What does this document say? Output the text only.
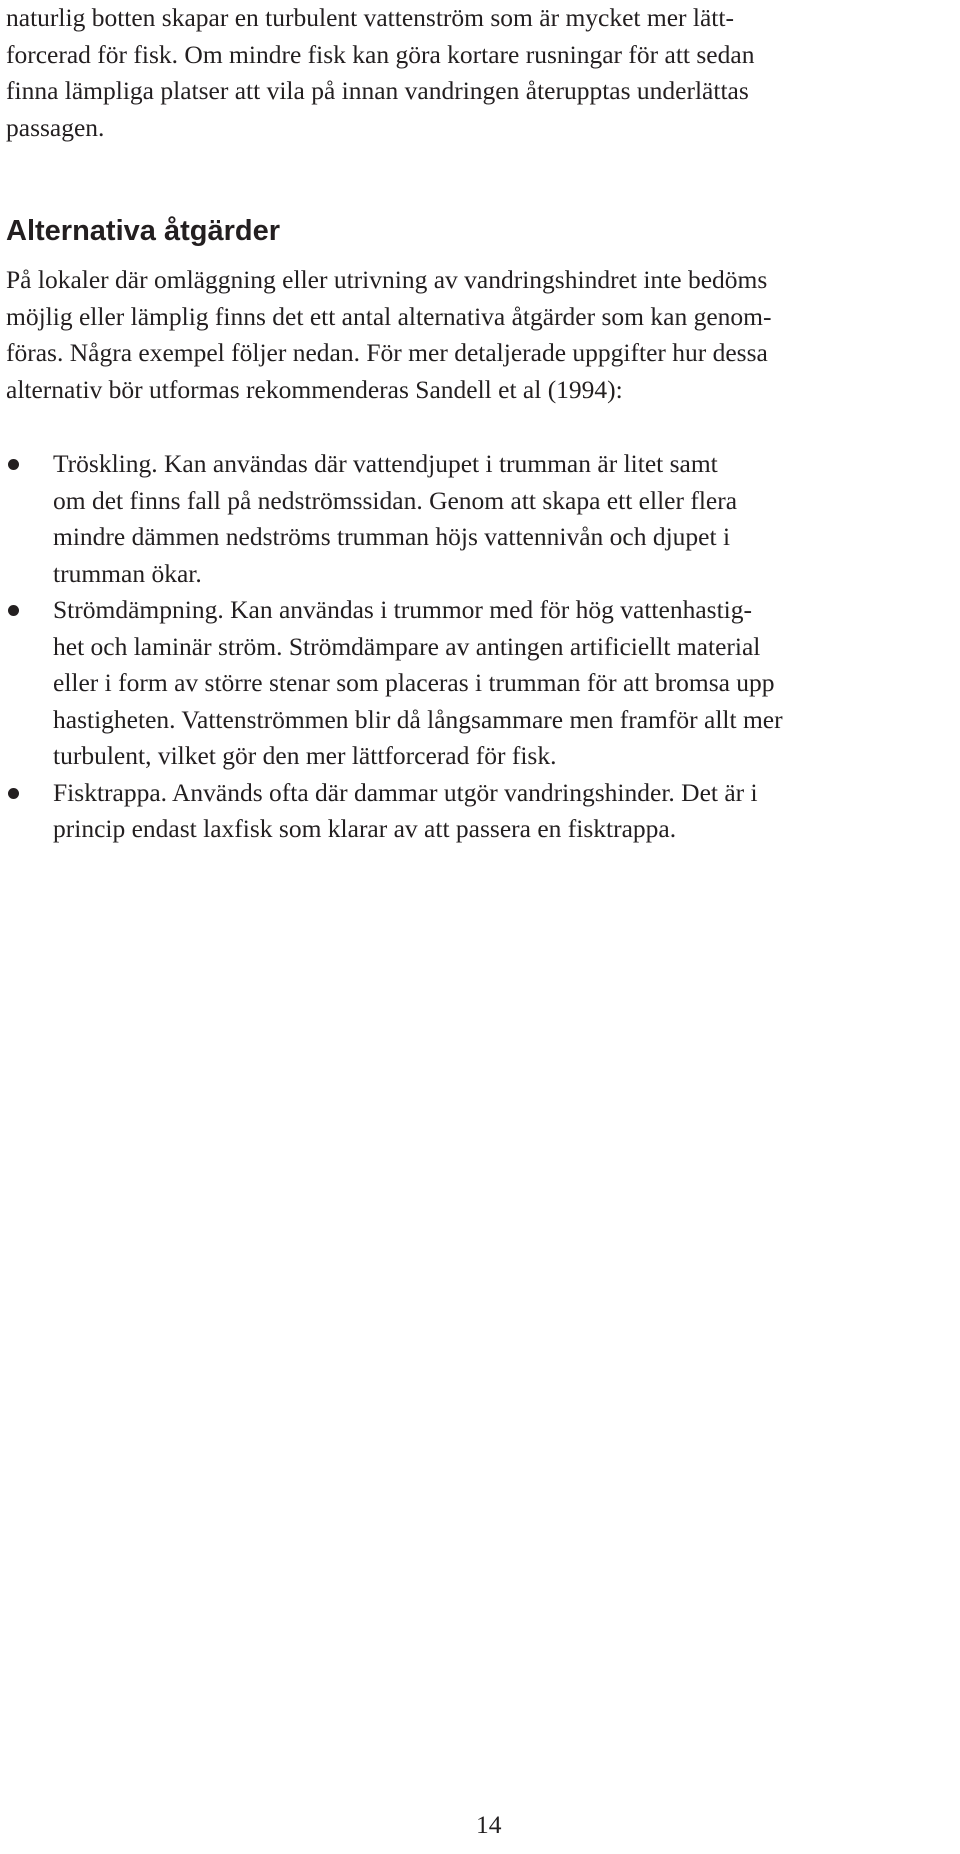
naturlig botten skapar en turbulent vattenström som är mycket mer lätt-
forcerad för fisk. Om mindre fisk kan göra kortare rusningar för att sedan
finna lämpliga platser att vila på innan vandringen återupptas underlättas
passagen.
Alternativa åtgärder
På lokaler där omläggning eller utrivning av vandringshindret inte bedöms
möjlig eller lämplig finns det ett antal alternativa åtgärder som kan genom-
föras. Några exempel följer nedan. För mer detaljerade uppgifter hur dessa
alternativ bör utformas rekommenderas Sandell et al (1994):
Tröskling. Kan användas där vattendjupet i trumman är litet samt
om det finns fall på nedströmssidan. Genom att skapa ett eller flera
mindre dämmen nedströms trumman höjs vattennivån och djupet i
trumman ökar.
Strömdämpning. Kan användas i trummor med för hög vattenhastig-
het och laminär ström. Strömdämpare av antingen artificiellt material
eller i form av större stenar som placeras i trumman för att bromsa upp
hastigheten. Vattenströmmen blir då långsammare men framför allt mer
turbulent, vilket gör den mer lättforcerad för fisk.
Fisktrappa. Används ofta där dammar utgör vandringshinder. Det är i
princip endast laxfisk som klarar av att passera en fisktrappa.
14
